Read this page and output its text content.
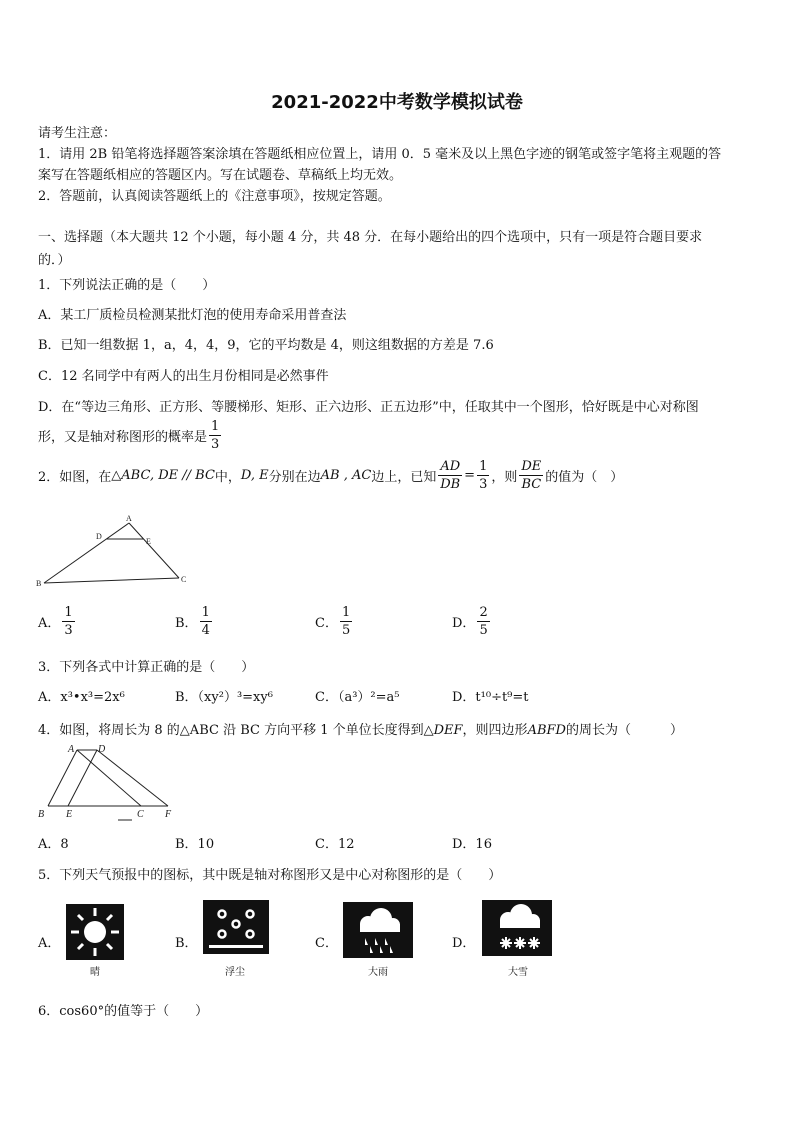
2021-2022中考数学模拟试卷
请考生注意：
1．请用 2B 铅笔将选择题答案涂填在答题纸相应位置上，请用 0．5 毫米及以上黑色字迹的钢笔或签字笔将主观题的答
案写在答题纸相应的答题区内。写在试题卷、草稿纸上均无效。
2．答题前，认真阅读答题纸上的《注意事项》，按规定答题。
一、选择题（本大题共 12 个小题，每小题 4 分，共 48 分．在每小题给出的四个选项中，只有一项是符合题目要求
的．）
1．下列说法正确的是（　　）
A．某工厂质检员检测某批灯泡的使用寿命采用普查法
B．已知一组数据 1，a，4，4，9，它的平均数是 4，则这组数据的方差是 7.6
C．12 名同学中有两人的出生月份相同是必然事件
D．在“等边三角形、正方形、等腰梯形、矩形、正六边形、正五边形”中，任取其中一个图形，恰好既是中心对称图
形，又是轴对称图形的概率是 $\frac{1}{3}$
2．如图，在△ABC, DE // BC中，D, E分别在边AB , AC边上，已知 $\frac{AD}{DB} = \frac{1}{3}$ ，则 $\frac{DE}{BC}$ 的值为（　）
A
D
E
B	C
A． $\frac{1}{3}$	B． $\frac{1}{4}$	C． $\frac{1}{5}$	D． $\frac{2}{5}$
3．下列各式中计算正确的是（　　）
A．x³•x³=2x⁶	B．（xy²）³=xy⁶	C．（a³）²=a⁵	D．t¹⁰÷t⁹=t
4．如图，将周长为 8 的△ABC 沿 BC 方向平移 1 个单位长度得到△DEF，则四边形ABFD的周长为（　　　）
A D
B E	C F
A．8	B．10	C．12	D．16
5．下列天气预报中的图标，其中既是轴对称图形又是中心对称图形的是（　　）
A．
晴
B．
浮尘
C．
大雨
D．
大雪
6．cos60°的值等于（　　）
